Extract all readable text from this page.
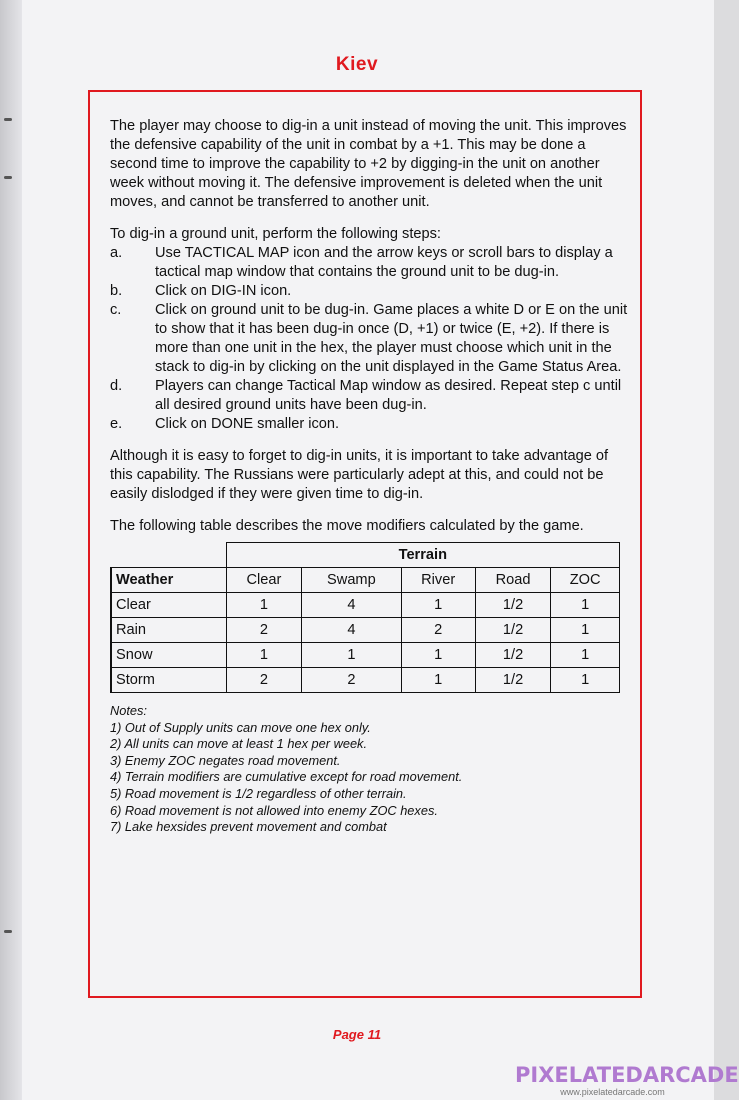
Kiev

The player may choose to dig-in a unit instead of moving the unit. This improves the defensive capability of the unit in combat by a +1. This may be done a second time to improve the capability to +2 by digging-in the unit on another week without moving it. The defensive improvement is deleted when the unit moves, and cannot be transferred to another unit.

To dig-in a ground unit, perform the following steps:
a.	Use TACTICAL MAP icon and the arrow keys or scroll bars to display a tactical map window that contains the ground unit to be dug-in.
b.	Click on DIG-IN icon.
c.	Click on ground unit to be dug-in. Game places a white D or E on the unit to show that it has been dug-in once (D, +1) or twice (E, +2). If there is more than one unit in the hex, the player must choose which unit in the stack to dig-in by clicking on the unit displayed in the Game Status Area.
d.	Players can change Tactical Map window as desired. Repeat step c until all desired ground units have been dug-in.
e.	Click on DONE smaller icon.

Although it is easy to forget to dig-in units, it is important to take advantage of this capability. The Russians were particularly adept at this, and could not be easily dislodged if they were given time to dig-in.

The following table describes the move modifiers calculated by the game.

	Terrain				
Weather	Clear	Swamp	River	Road	ZOC
Clear	1	4	1	1/2	1
Rain	2	4	2	1/2	1
Snow	1	1	1	1/2	1
Storm	2	2	1	1/2	1
Notes:
1) Out of Supply units can move one hex only.
2) All units can move at least 1 hex per week.
3) Enemy ZOC negates road movement.
4) Terrain modifiers are cumulative except for road movement.
5) Road movement is 1/2 regardless of other terrain.
6) Road movement is not allowed into enemy ZOC hexes.
7) Lake hexsides prevent movement and combat
Page 11
PIXELATEDARCADE
www.pixelatedarcade.com
